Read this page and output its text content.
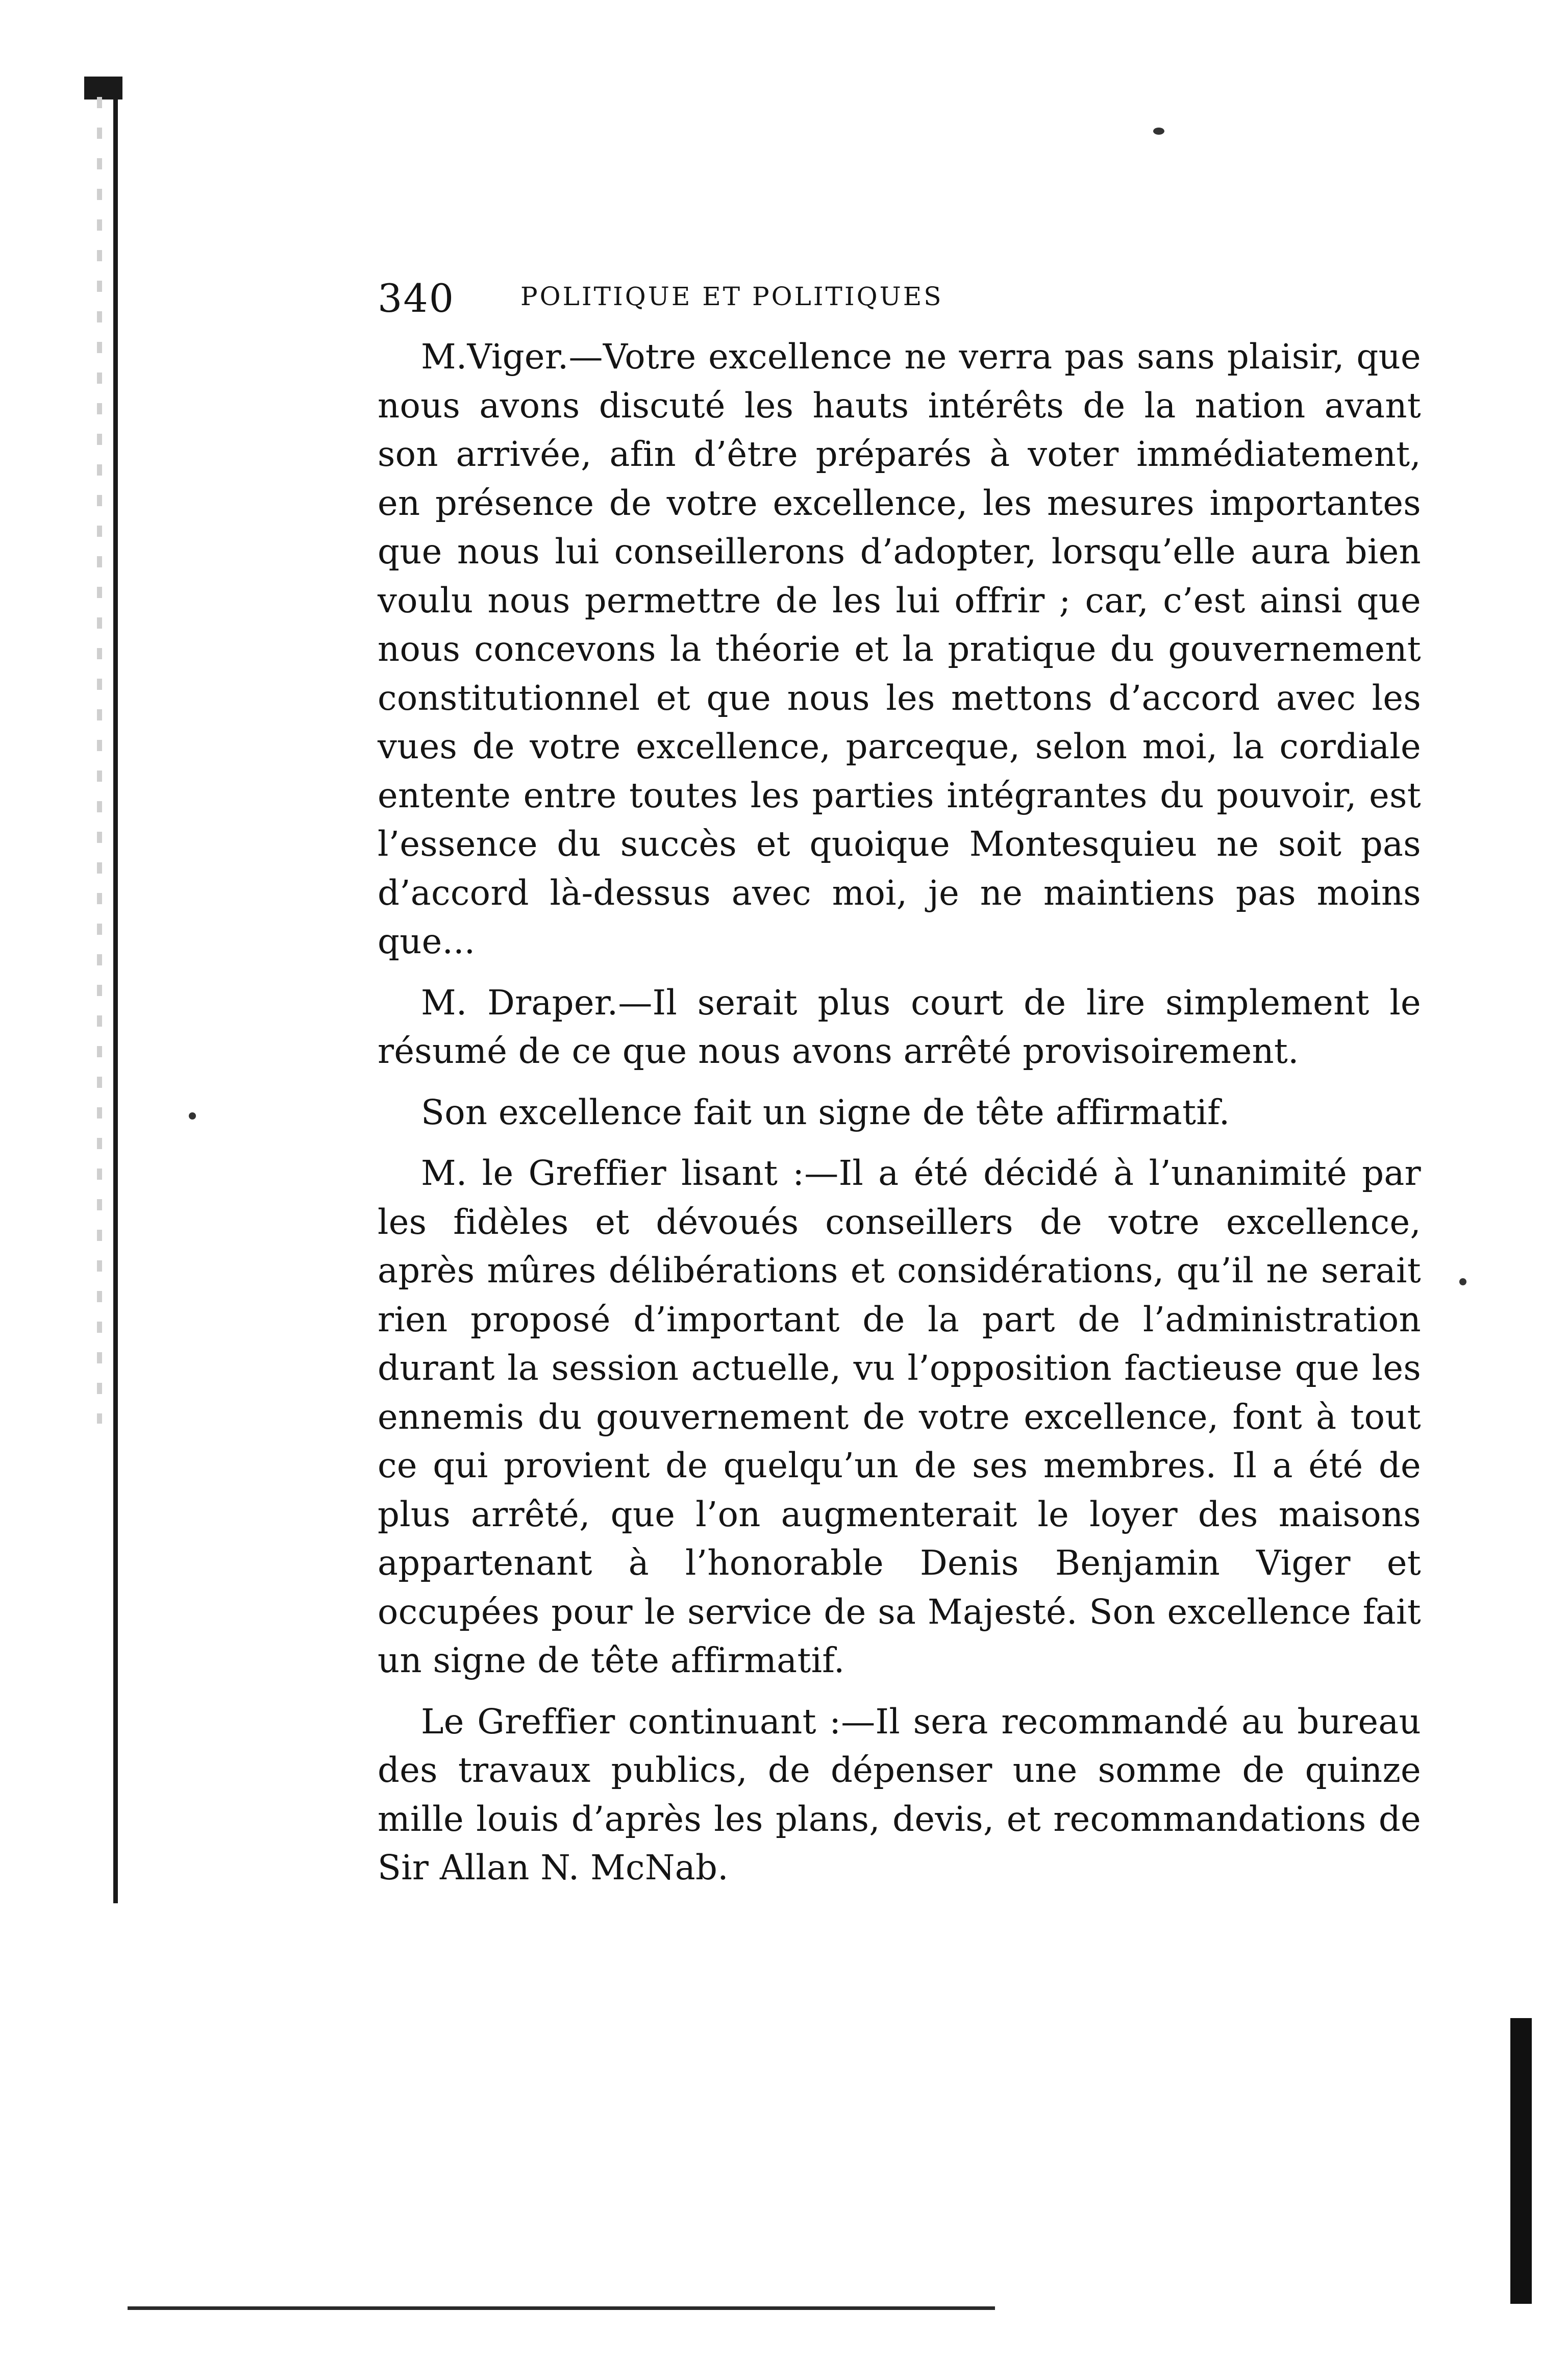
340	POLITIQUE ET POLITIQUES

M.Viger.—Votre excellence ne verra pas sans plaisir, que nous avons discuté les hauts intérêts de la nation avant son arrivée, afin d’être préparés à voter immédiatement, en présence de votre excellence, les mesures importantes que nous lui conseillerons d’adopter, lorsqu’elle aura bien voulu nous permettre de les lui offrir ; car, c’est ainsi que nous concevons la théorie et la pratique du gouvernement constitutionnel et que nous les mettons d’accord avec les vues de votre excellence, parceque, selon moi, la cordiale entente entre toutes les parties intégrantes du pouvoir, est l’essence du succès et quoique Montesquieu ne soit pas d’accord là-dessus avec moi, je ne maintiens pas moins que...

M. Draper.—Il serait plus court de lire simplement le résumé de ce que nous avons arrêté provisoirement.

Son excellence fait un signe de tête affirmatif.

M. le Greffier lisant :—Il a été décidé à l’unanimité par les fidèles et dévoués conseillers de votre excellence, après mûres délibérations et considérations, qu’il ne serait rien proposé d’important de la part de l’administration durant la session actuelle, vu l’opposition factieuse que les ennemis du gouvernement de votre excellence, font à tout ce qui provient de quelqu’un de ses membres. Il a été de plus arrêté, que l’on augmenterait le loyer des maisons appartenant à l’honorable Denis Benjamin Viger et occupées pour le service de sa Majesté. Son excellence fait un signe de tête affirmatif.

Le Greffier continuant :—Il sera recommandé au bureau des travaux publics, de dépenser une somme de quinze mille louis d’après les plans, devis, et recommandations de Sir Allan N. McNab.
